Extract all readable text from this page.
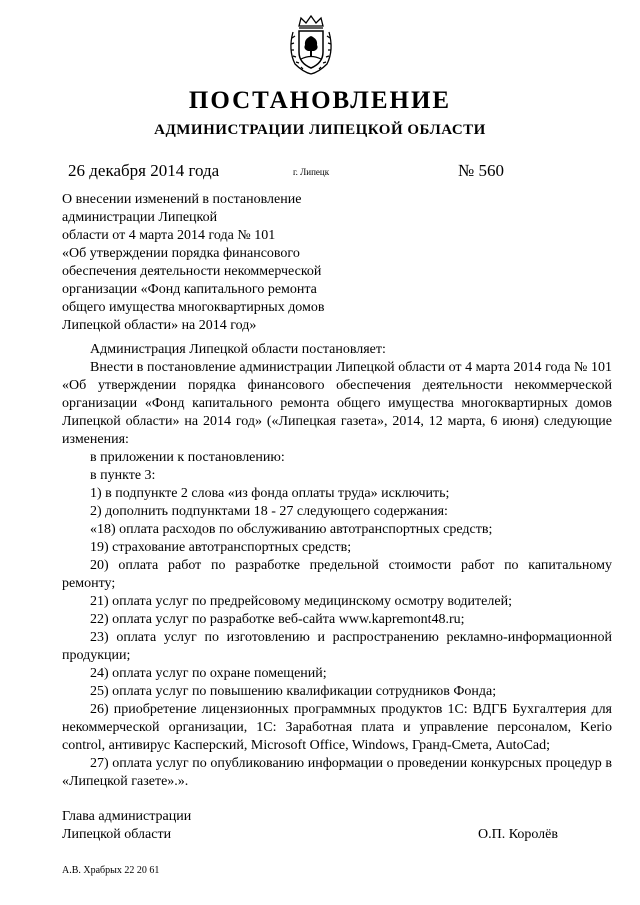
ПОСТАНОВЛЕНИЕ
АДМИНИСТРАЦИИ ЛИПЕЦКОЙ ОБЛАСТИ
26 декабря 2014 года	г. Липецк	№ 560
О внесении изменений в постановление
администрации Липецкой
области от 4 марта 2014 года № 101
«Об утверждении порядка финансового
обеспечения деятельности некоммерческой
организации «Фонд капитального ремонта
общего имущества многоквартирных домов
Липецкой области» на 2014 год»

Администрация Липецкой области постановляет:

Внести в постановление администрации Липецкой области от 4 марта 2014 года № 101 «Об утверждении порядка финансового обеспечения деятельности некоммерческой организации «Фонд капитального ремонта общего имущества многоквартирных домов Липецкой области» на 2014 год» («Липецкая газета», 2014, 12 марта, 6 июня) следующие изменения:

в приложении к постановлению:

в пункте 3:

1) в подпункте 2 слова «из фонда оплаты труда» исключить;

2) дополнить подпунктами 18 - 27 следующего содержания:

«18) оплата расходов по обслуживанию автотранспортных средств;

19) страхование автотранспортных средств;

20) оплата работ по разработке предельной стоимости работ по капитальному ремонту;

21) оплата услуг по предрейсовому медицинскому осмотру водителей;

22) оплата услуг по разработке веб-сайта www.kapremont48.ru;

23) оплата услуг по изготовлению и распространению рекламно-информационной продукции;

24) оплата услуг по охране помещений;

25) оплата услуг по повышению квалификации сотрудников Фонда;

26) приобретение лицензионных программных продуктов 1С: ВДГБ Бухгалтерия для некоммерческой организации, 1С: Заработная плата и управление персоналом, Kerio control, антивирус Касперский, Microsoft Office, Windows, Гранд-Смета, AutoCad;

27) оплата услуг по опубликованию информации о проведении конкурсных процедур в «Липецкой газете».».

Глава администрации
Липецкой области	О.П. Королёв
А.В. Храбрых 22 20 61
